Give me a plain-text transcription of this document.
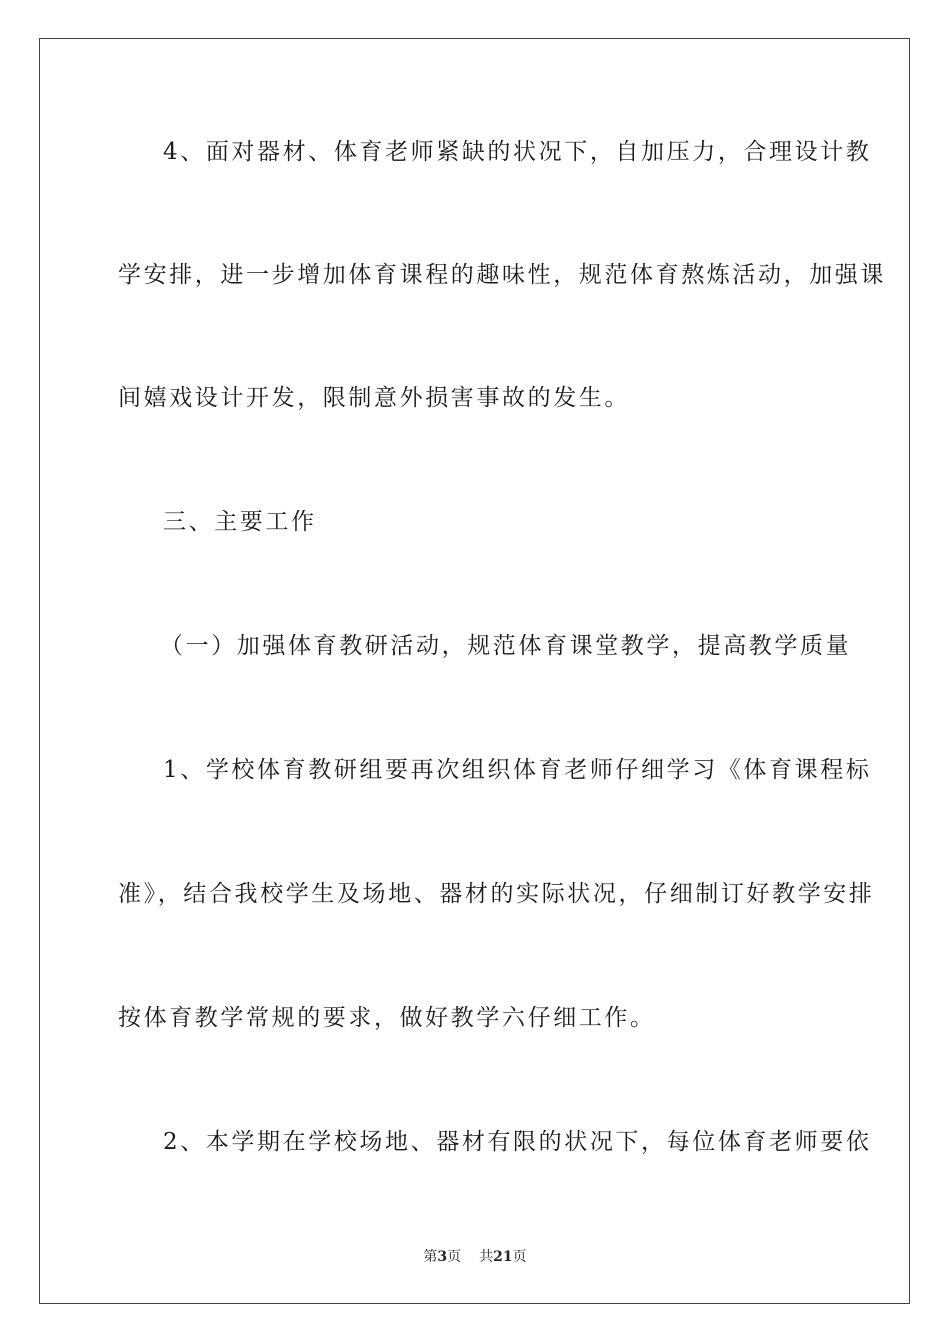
4、面对器材、体育老师紧缺的状况下，自加压力，合理设计教
学安排，进一步增加体育课程的趣味性，规范体育熬炼活动，加强课
间嬉戏设计开发，限制意外损害事故的发生。
三、主要工作
（一）加强体育教研活动，规范体育课堂教学，提高教学质量
1、学校体育教研组要再次组织体育老师仔细学习《体育课程标
准》，结合我校学生及场地、器材的实际状况，仔细制订好教学安排
按体育教学常规的要求，做好教学六仔细工作。
2、本学期在学校场地、器材有限的状况下，每位体育老师要依
第3页 共21页
